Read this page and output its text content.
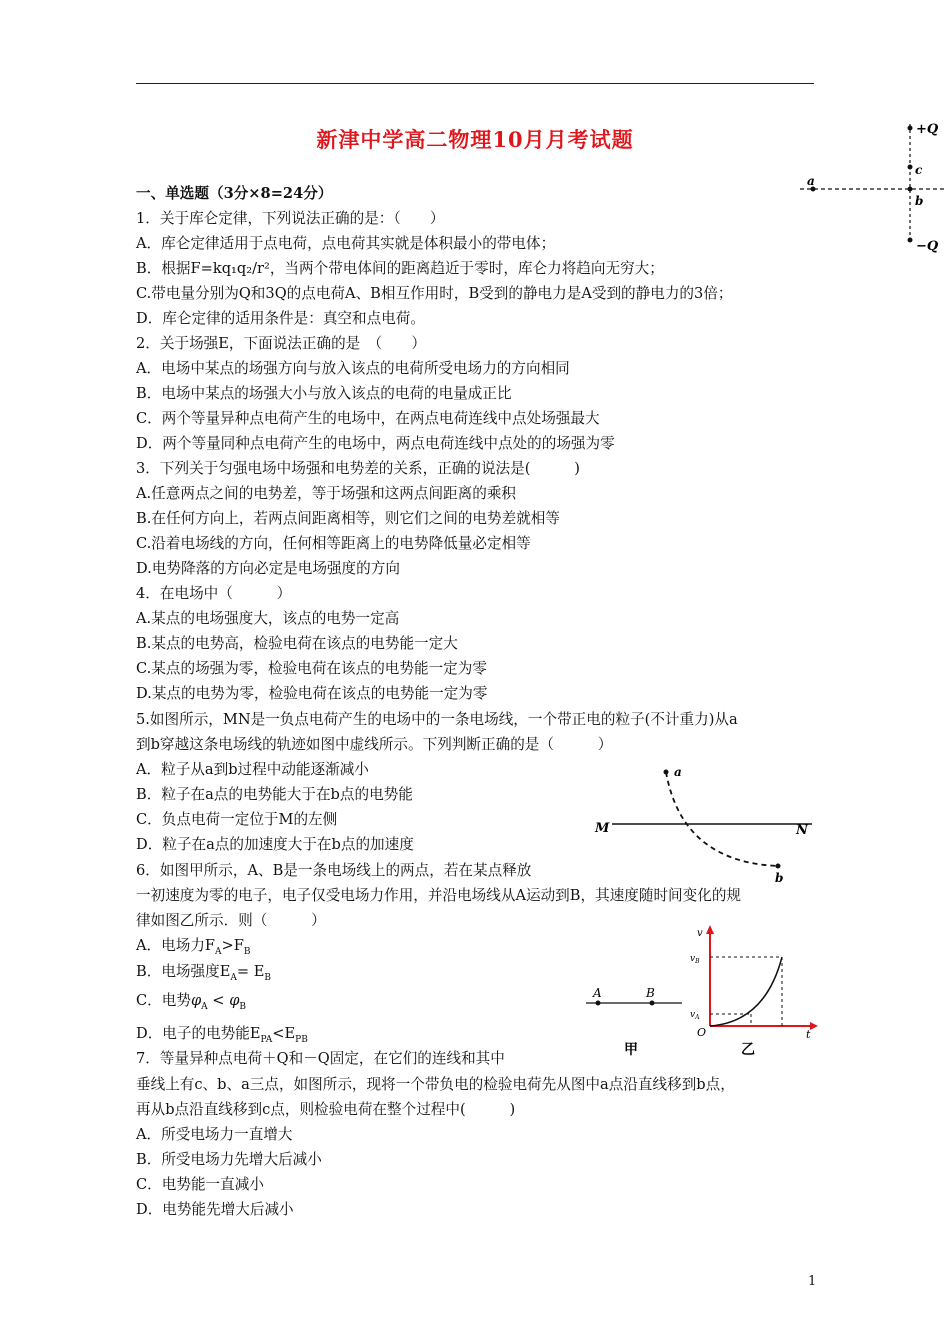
新津中学高二物理10月月考试题
一、单选题（3分×8=24分）
1．关于库仑定律，下列说法正确的是：（　　）
A．库仑定律适用于点电荷，点电荷其实就是体积最小的带电体；
B．根据F=kq₁q₂/r²，当两个带电体间的距离趋近于零时，库仑力将趋向无穷大；
C.带电量分别为Q和3Q的点电荷A、B相互作用时，B受到的静电力是A受到的静电力的3倍；
D．库仑定律的适用条件是：真空和点电荷。
2．关于场强E，下面说法正确的是　（　　）
A．电场中某点的场强方向与放入该点的电荷所受电场力的方向相同
B．电场中某点的场强大小与放入该点的电荷的电量成正比
C．两个等量异种点电荷产生的电场中，在两点电荷连线中点处场强最大
D．两个等量同种点电荷产生的电场中，两点电荷连线中点处的的场强为零
3．下列关于匀强电场中场强和电势差的关系，正确的说法是(　　　)
A.任意两点之间的电势差，等于场强和这两点间距离的乘积
B.在任何方向上，若两点间距离相等，则它们之间的电势差就相等
C.沿着电场线的方向，任何相等距离上的电势降低量必定相等
D.电势降落的方向必定是电场强度的方向
4．在电场中（　　　）
A.某点的电场强度大，该点的电势一定高
B.某点的电势高，检验电荷在该点的电势能一定大
C.某点的场强为零，检验电荷在该点的电势能一定为零
D.某点的电势为零，检验电荷在该点的电势能一定为零
5.如图所示，MN是一负点电荷产生的电场中的一条电场线，一个带正电的粒子(不计重力)从a
到b穿越这条电场线的轨迹如图中虚线所示。下列判断正确的是（　　　）
A．粒子从a到b过程中动能逐渐减小
B．粒子在a点的电势能大于在b点的电势能
C．负点电荷一定位于M的左侧
D．粒子在a点的加速度大于在b点的加速度
6．如图甲所示，A、B是一条电场线上的两点，若在某点释放
一初速度为零的电子，电子仅受电场力作用，并沿电场线从A运动到B，其速度随时间变化的规
律如图乙所示．则（　　　）
A．电场力$F_A>F_B$
B．电场强度$E_A= E_B$
C．电势$\varphi_A < \varphi_B$
D．电子的电势能$E_{PA}<E_{PB}$
7．等量异种点电荷＋Q和－Q固定，在它们的连线和其中
垂线上有c、b、a三点，如图所示，现将一个带负电的检验电荷先从图中a点沿直线移到b点，
再从b点沿直线移到c点，则检验电荷在整个过程中(　　　)
A．所受电场力一直增大
B．所受电场力先增大后减小
C．电势能一直减小
D．电势能先增大后减小
+Q
−Q
c
b
a
a
b
M	N
A	B
甲
v
$v_B$
$v_A$
O	t
乙
1
